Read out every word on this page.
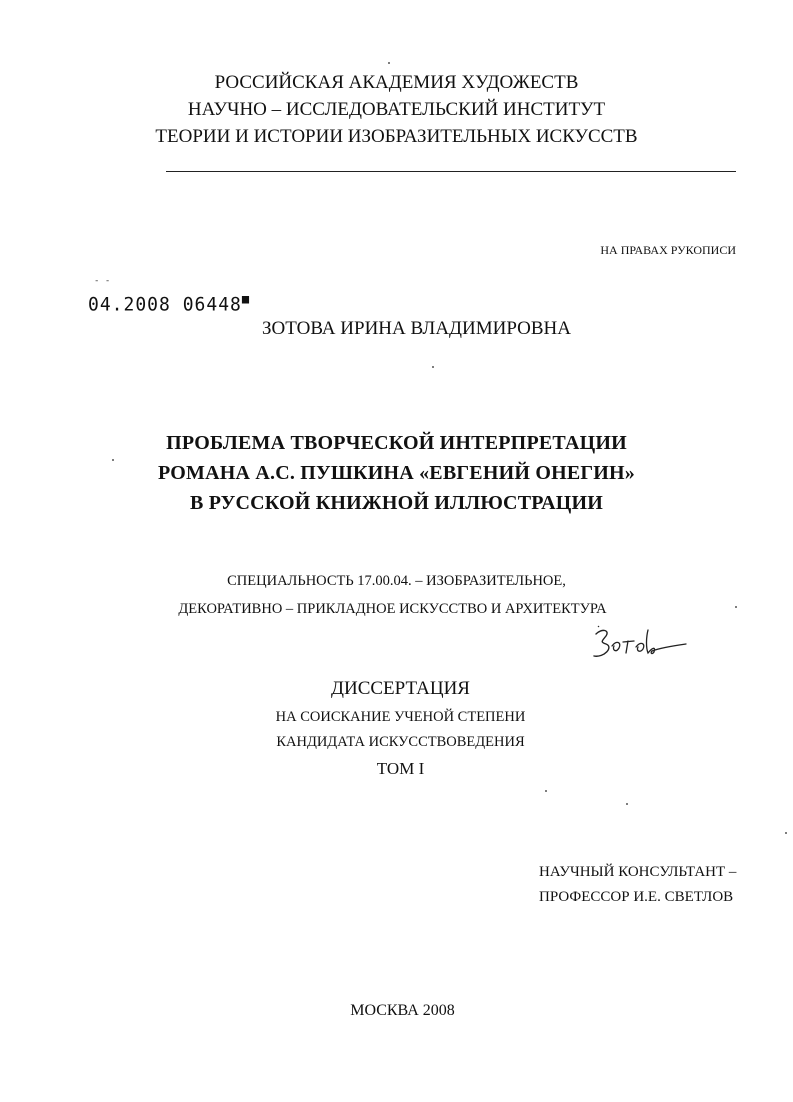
РОССИЙСКАЯ АКАДЕМИЯ ХУДОЖЕСТВ
НАУЧНО – ИССЛЕДОВАТЕЛЬСКИЙ ИНСТИТУТ
ТЕОРИИ И ИСТОРИИ ИЗОБРАЗИТЕЛЬНЫХ ИСКУССТВ
НА ПРАВАХ РУКОПИСИ
- -
04.2008 06448■
ЗОТОВА ИРИНА ВЛАДИМИРОВНА
ПРОБЛЕМА ТВОРЧЕСКОЙ ИНТЕРПРЕТАЦИИ
РОМАНА А.С. ПУШКИНА «ЕВГЕНИЙ ОНЕГИН»
В РУССКОЙ КНИЖНОЙ ИЛЛЮСТРАЦИИ
СПЕЦИАЛЬНОСТЬ 17.00.04. – ИЗОБРАЗИТЕЛЬНОЕ,
ДЕКОРАТИВНО – ПРИКЛАДНОЕ ИСКУССТВО И АРХИТЕКТУРА
ДИССЕРТАЦИЯ
НА СОИСКАНИЕ УЧЕНОЙ СТЕПЕНИ
КАНДИДАТА ИСКУССТВОВЕДЕНИЯ
ТОМ I
НАУЧНЫЙ КОНСУЛЬТАНТ –
ПРОФЕССОР И.Е. СВЕТЛОВ
МОСКВА 2008
